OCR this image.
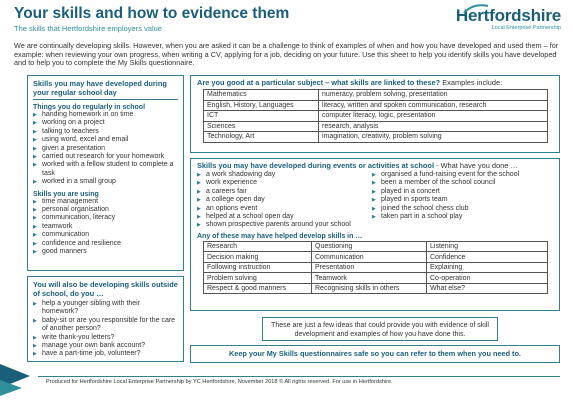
Your skills and how to evidence them
The skills that Hertfordshire employers value
Hertfordshire
Local Enterprise Partnership
We are continually developing skills. However, when you are asked it can be a challenge to think of examples of when and how you have developed and used them – for example: when reviewing your own progress, when writing a CV, applying for a job, deciding on your future. Use this sheet to help you identify skills you have developed and to help you to complete the My Skills questionnaire.
Skills you may have developed during your regular school day
Things you do regularly in school
▶ handing homework in on time
▶ working on a project
▶ talking to teachers
▶ using word, excel and email
▶ given a presentation
▶ carried out research for your homework
▶ worked with a fellow student to complete a task
▶ worked in a small group
Skills you are using
▶ time management
▶ personal organisation
▶ communication, literacy
▶ teamwork
▶ communication
▶ confidence and resilience
▶ good manners
You will also be developing skills outside of school, do you …
▶ help a younger sibling with their homework?
▶ baby-sit or are you responsible for the care of another person?
▶ write thank-you letters?
▶ manage your own bank account?
▶ have a part-time job, volunteer?
Are you good at a particular subject – what skills are linked to these? Examples include:
Mathematics	numeracy, problem solving, presentation
English, History, Languages	literacy, written and spoken communication, research
ICT	computer literacy, logic, presentation
Sciences	research, analysis
Technology, Art	imagination, creativity, problem solving
Skills you may have developed during events or activities at school - What have you done …
▶ a work shadowing day
▶ work experience
▶ a careers fair
▶ a college open day
▶ an options event
▶ helped at a school open day
▶ shown prospective parents around your school
▶ organised a fund-raising event for the school
▶ been a member of the school council
▶ played in a concert
▶ played in sports team
▶ joined the school chess club
▶ taken part in a school play
Any of these may have helped develop skills in …
Research	Questioning	Listening
Decision making	Communication	Confidence
Following instruction	Presentation	Explaining
Problem solving	Teamwork	Co-operation
Respect & good manners	Recognising skills in others	What else?
These are just a few ideas that could provide you with evidence of skill development and examples of how you have done this.
Keep your My Skills questionnaires safe so you can refer to them when you need to.
Produced for Hertfordshire Local Enterprise Partnership by YC Hertfordshire, November 2018 © All rights reserved. For use in Hertfordshire.
